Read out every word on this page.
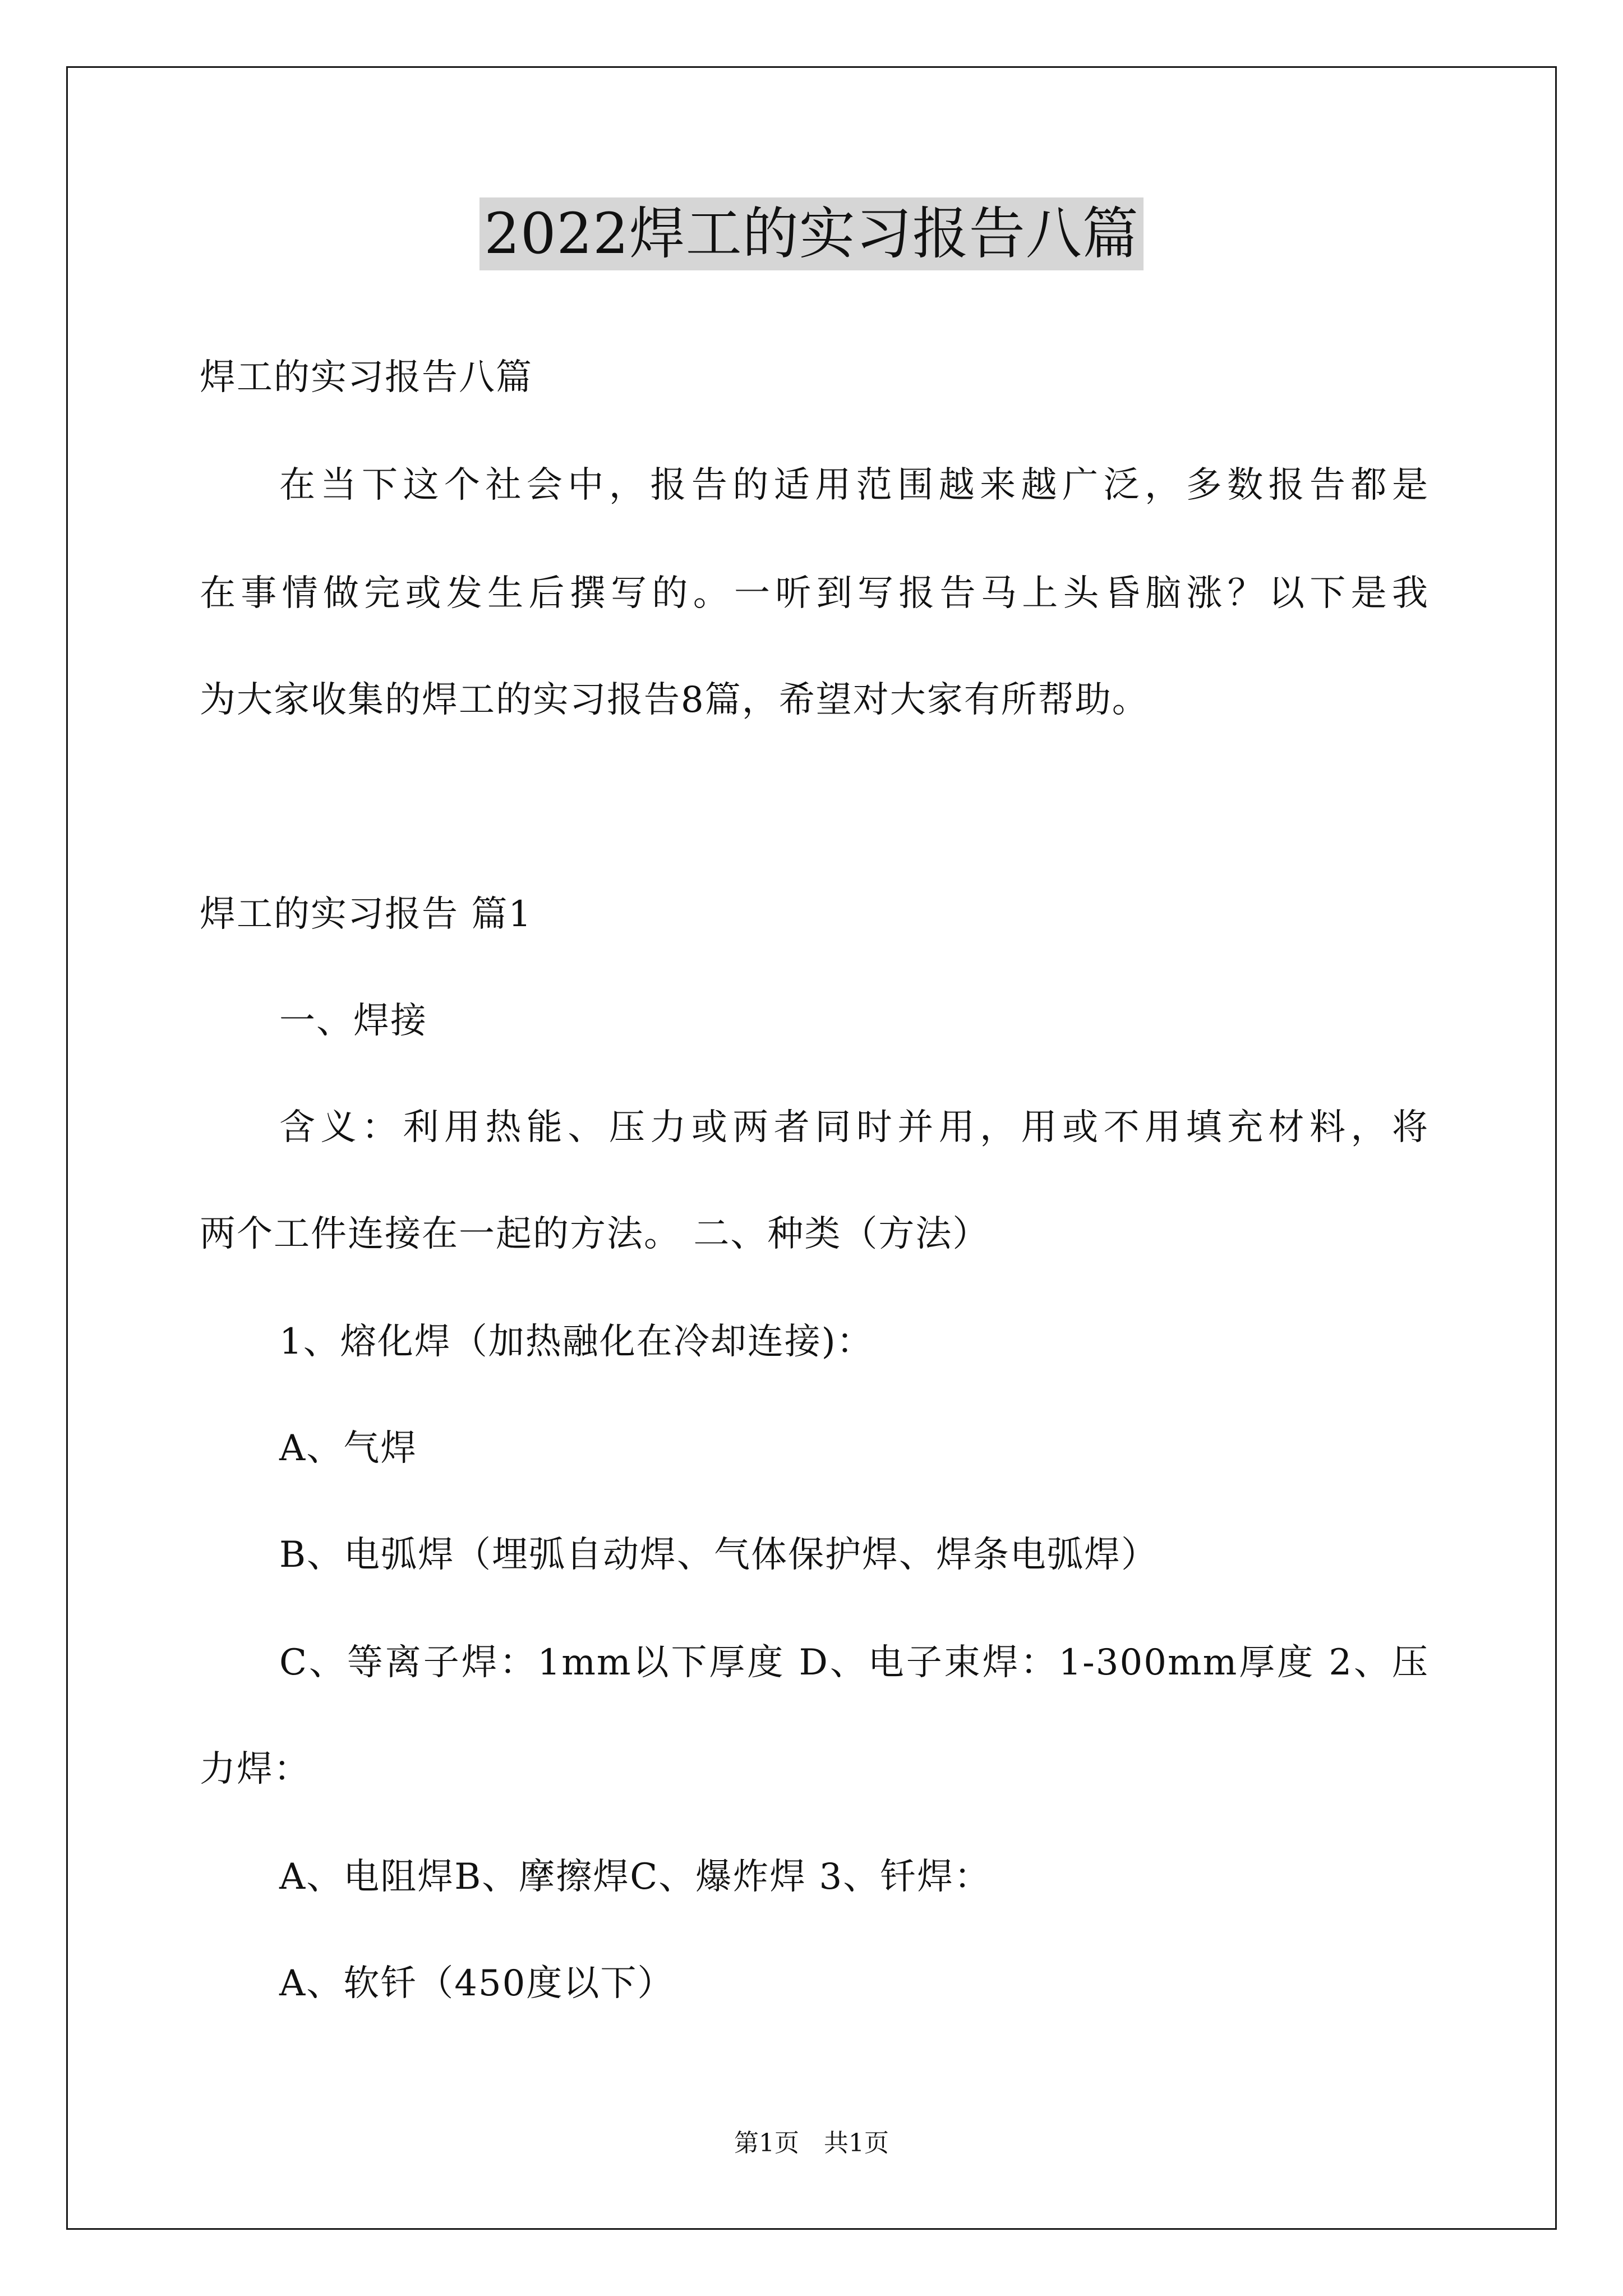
2022焊工的实习报告八篇
焊工的实习报告八篇
在当下这个社会中，报告的适用范围越来越广泛，多数报告都是
在事情做完或发生后撰写的。一听到写报告马上头昏脑涨？以下是我
为大家收集的焊工的实习报告8篇，希望对大家有所帮助。
焊工的实习报告 篇1
一、焊接
含义：利用热能、压力或两者同时并用，用或不用填充材料，将
两个工件连接在一起的方法。 二、种类（方法）
1、熔化焊（加热融化在冷却连接)：
A、气焊
B、电弧焊（埋弧自动焊、气体保护焊、焊条电弧焊）
C、等离子焊：1mm以下厚度 D、电子束焊：1-300mm厚度 2、压
力焊：
A、电阻焊B、摩擦焊C、爆炸焊 3、钎焊：
A、软钎（450度以下）
第1页　共1页
